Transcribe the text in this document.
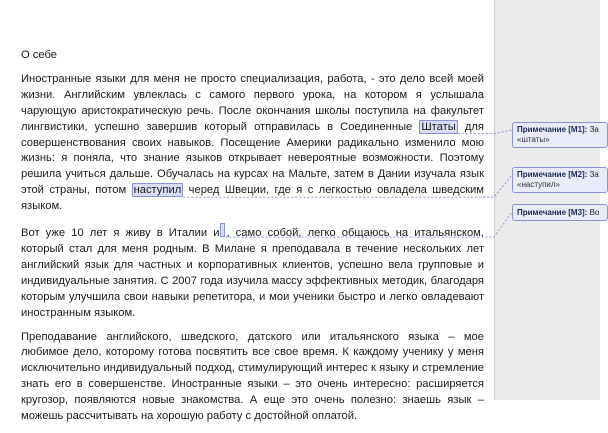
О себе

Иностранные языки для меня не просто специализация, работа, - это дело всей моей жизни. Английским увлеклась с самого первого урока, на котором я услышала чарующую аристократическую речь. После окончания школы поступила на факультет лингвистики, успешно завершив который отправилась в Соединенные Штаты для совершенствования своих навыков. Посещение Америки радикально изменило мою жизнь: я поняла, что знание языков открывает невероятные возможности. Поэтому решила учиться дальше. Обучалась на курсах на Мальте, затем в Дании изучала язык этой страны, потом наступил черед Швеции, где я с легкостью овладела шведским языком.

Вот уже 10 лет я живу в Италии и , само собой, легко общаюсь на итальянском, который стал для меня родным. В Милане я преподавала в течение нескольких лет английский язык для частных и корпоративных клиентов, успешно вела групповые и индивидуальные занятия. С 2007 года изучила массу эффективных методик, благодаря которым улучшила свои навыки репетитора, и мои ученики быстро и легко овладевают иностранным языком.

Преподавание английского, шведского, датского или итальянского языка – мое любимое дело, которому готова посвятить все свое время. К каждому ученику у меня исключительно индивидуальный подход, стимулирующий интерес к языку и стремление знать его в совершенстве. Иностранные языки – это очень интересно: расширяется кругозор, появляются новые знакомства. А еще это очень полезно: знаешь язык – можешь рассчитывать на хорошую работу с достойной оплатой.

Примечание [M1]: За
«штаты»
Примечание [M2]: За
«наступил»
Примечание [M3]: Во
